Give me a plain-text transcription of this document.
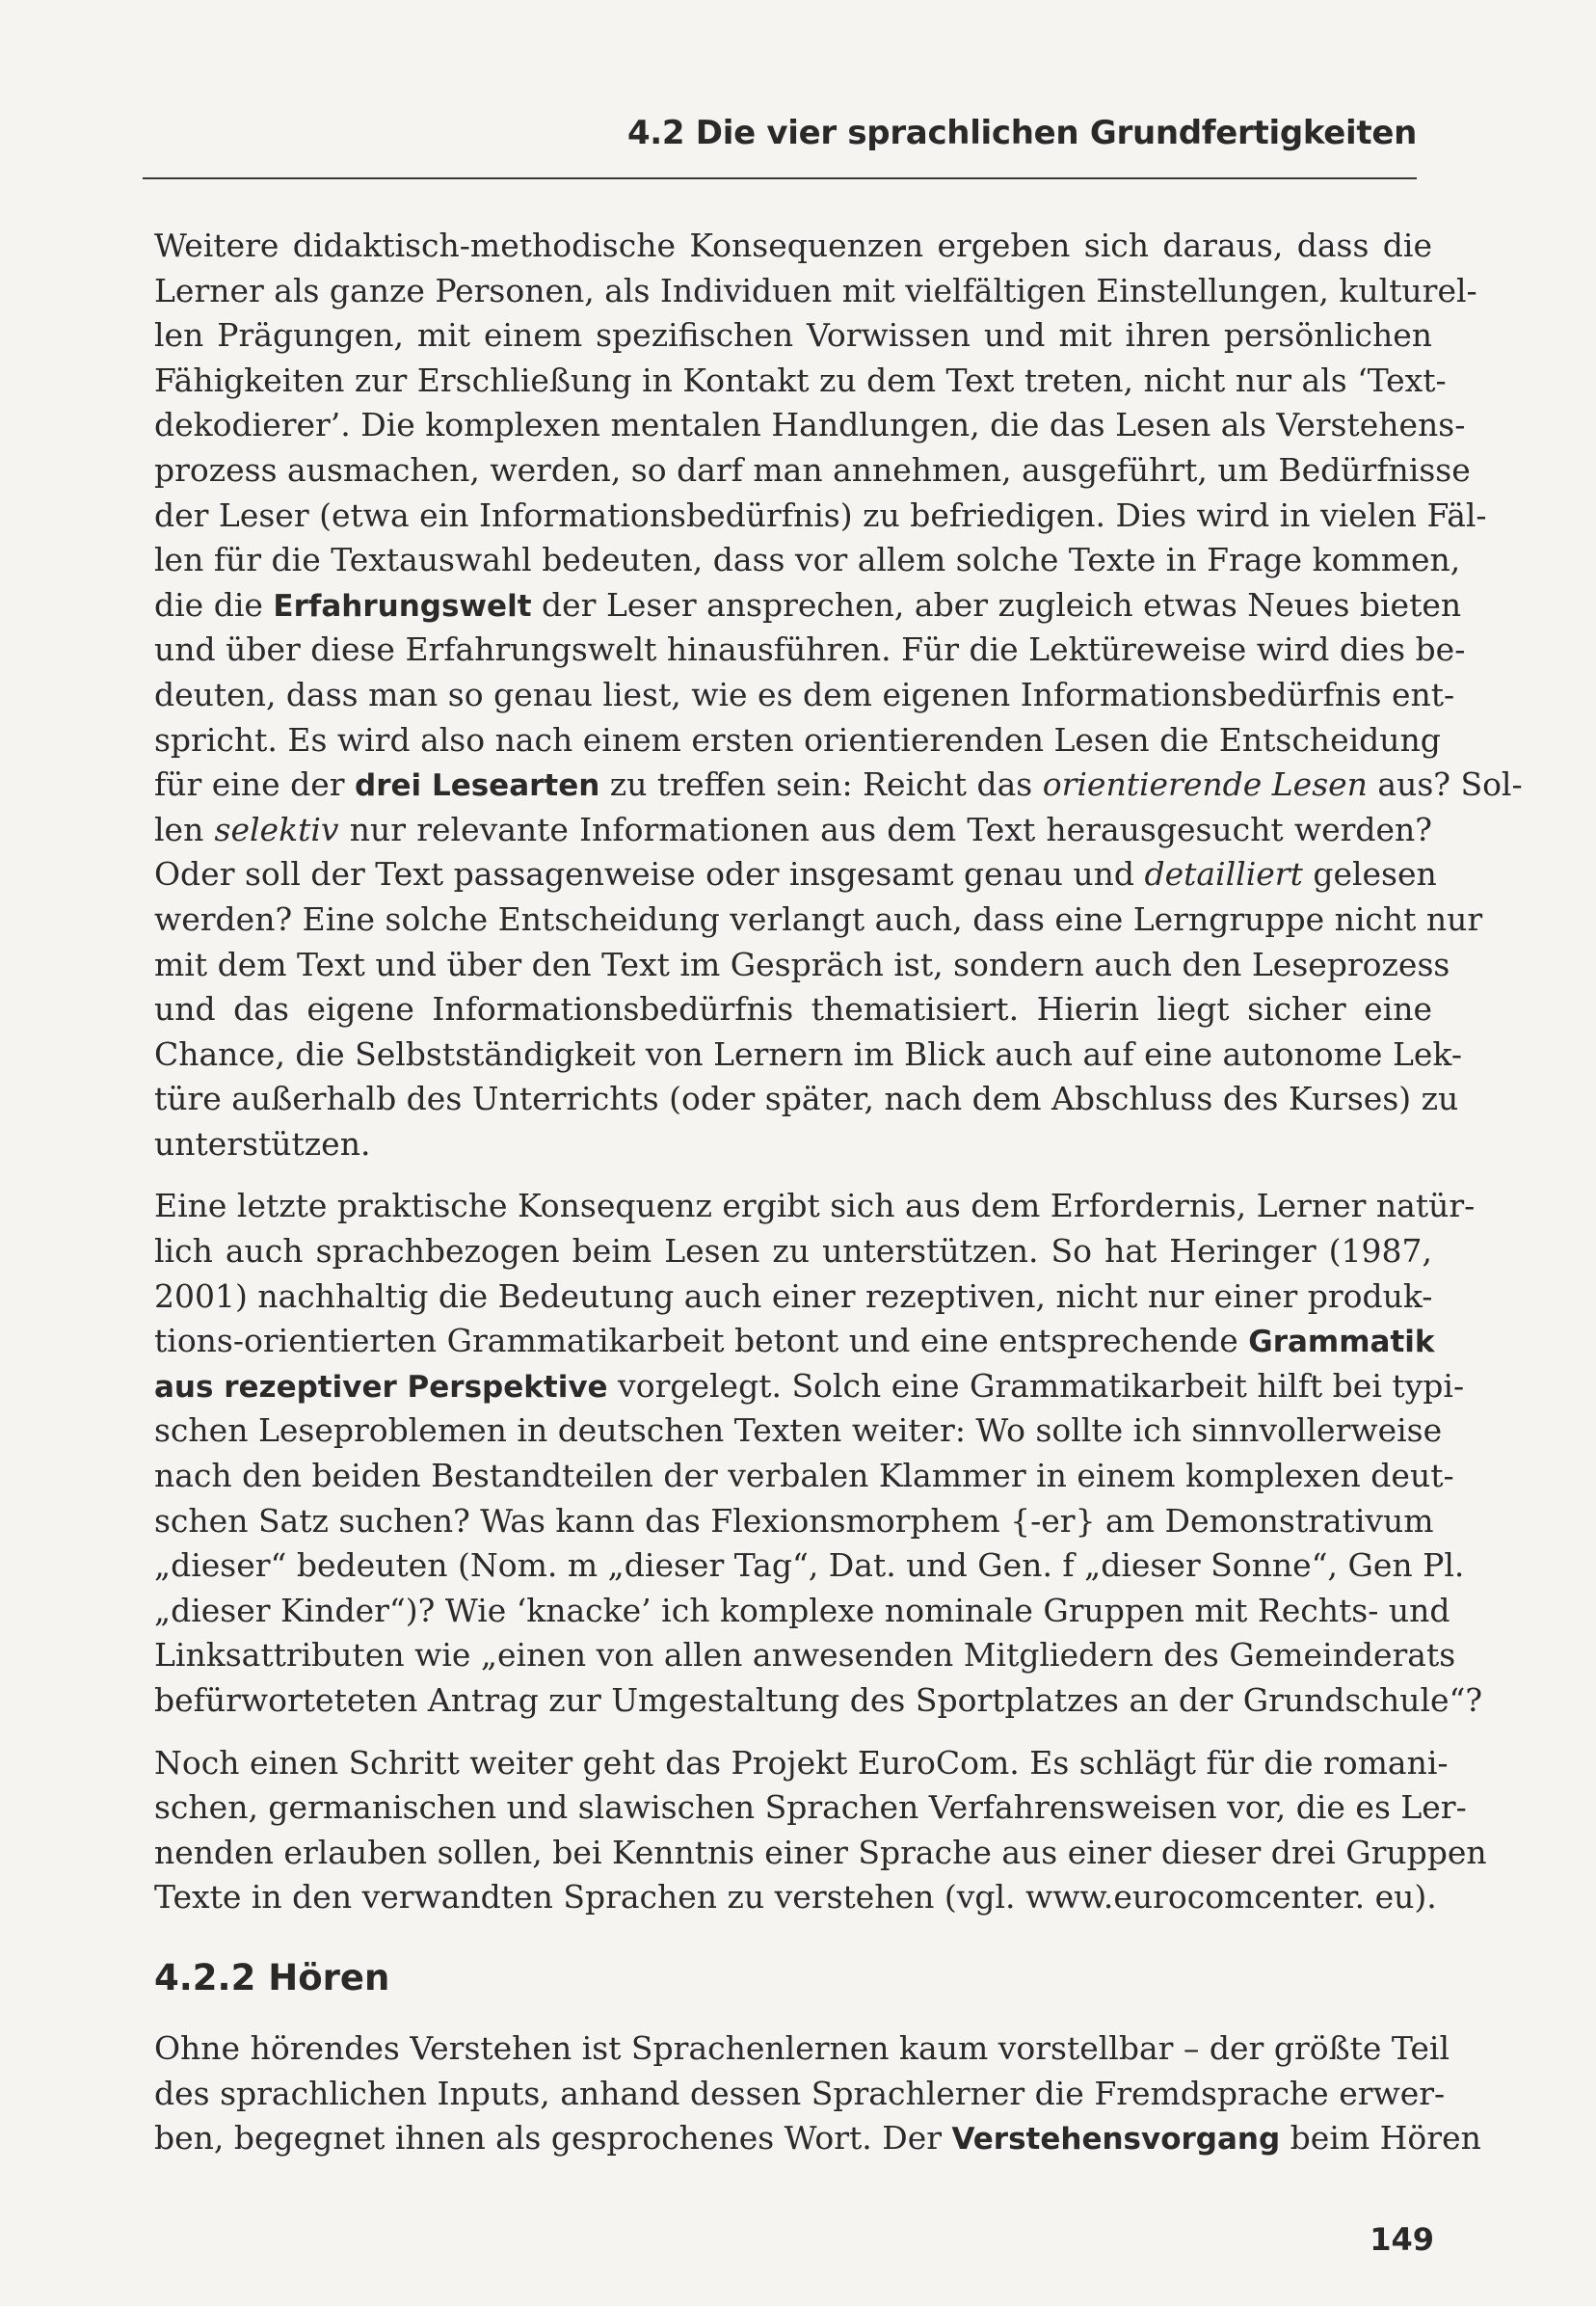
4.2 Die vier sprachlichen Grundfertigkeiten
Weitere didaktisch-methodische Konsequenzen ergeben sich daraus, dass die
Lerner als ganze Personen, als Individuen mit vielfältigen Einstellungen, kulturel-
len Prägungen, mit einem spezifischen Vorwissen und mit ihren persönlichen
Fähigkeiten zur Erschließung in Kontakt zu dem Text treten, nicht nur als ‘Text-
dekodierer’. Die komplexen mentalen Handlungen, die das Lesen als Verstehens-
prozess ausmachen, werden, so darf man annehmen, ausgeführt, um Bedürfnisse
der Leser (etwa ein Informationsbedürfnis) zu befriedigen. Dies wird in vielen Fäl-
len für die Textauswahl bedeuten, dass vor allem solche Texte in Frage kommen,
die die Erfahrungswelt der Leser ansprechen, aber zugleich etwas Neues bieten
und über diese Erfahrungswelt hinausführen. Für die Lektüreweise wird dies be-
deuten, dass man so genau liest, wie es dem eigenen Informationsbedürfnis ent-
spricht. Es wird also nach einem ersten orientierenden Lesen die Entscheidung
für eine der drei Lesearten zu treffen sein: Reicht das orientierende Lesen aus? Sol-
len selektiv nur relevante Informationen aus dem Text herausgesucht werden?
Oder soll der Text passagenweise oder insgesamt genau und detailliert gelesen
werden? Eine solche Entscheidung verlangt auch, dass eine Lerngruppe nicht nur
mit dem Text und über den Text im Gespräch ist, sondern auch den Leseprozess
und das eigene Informationsbedürfnis thematisiert. Hierin liegt sicher eine
Chance, die Selbstständigkeit von Lernern im Blick auch auf eine autonome Lek-
türe außerhalb des Unterrichts (oder später, nach dem Abschluss des Kurses) zu
unterstützen.
Eine letzte praktische Konsequenz ergibt sich aus dem Erfordernis, Lerner natür-
lich auch sprachbezogen beim Lesen zu unterstützen. So hat Heringer (1987,
2001) nachhaltig die Bedeutung auch einer rezeptiven, nicht nur einer produk-
tions-orientierten Grammatikarbeit betont und eine entsprechende Grammatik
aus rezeptiver Perspektive vorgelegt. Solch eine Grammatikarbeit hilft bei typi-
schen Leseproblemen in deutschen Texten weiter: Wo sollte ich sinnvollerweise
nach den beiden Bestandteilen der verbalen Klammer in einem komplexen deut-
schen Satz suchen? Was kann das Flexionsmorphem {-er} am Demonstrativum
„dieser“ bedeuten (Nom. m „dieser Tag“, Dat. und Gen. f „dieser Sonne“, Gen Pl.
„dieser Kinder“)? Wie ‘knacke’ ich komplexe nominale Gruppen mit Rechts- und
Linksattributen wie „einen von allen anwesenden Mitgliedern des Gemeinderats
befürworteteten Antrag zur Umgestaltung des Sportplatzes an der Grundschule“?
Noch einen Schritt weiter geht das Projekt EuroCom. Es schlägt für die romani-
schen, germanischen und slawischen Sprachen Verfahrensweisen vor, die es Ler-
nenden erlauben sollen, bei Kenntnis einer Sprache aus einer dieser drei Gruppen
Texte in den verwandten Sprachen zu verstehen (vgl. www.eurocomcenter. eu).
4.2.2 Hören
Ohne hörendes Verstehen ist Sprachenlernen kaum vorstellbar – der größte Teil
des sprachlichen Inputs, anhand dessen Sprachlerner die Fremdsprache erwer-
ben, begegnet ihnen als gesprochenes Wort. Der Verstehensvorgang beim Hören
149
